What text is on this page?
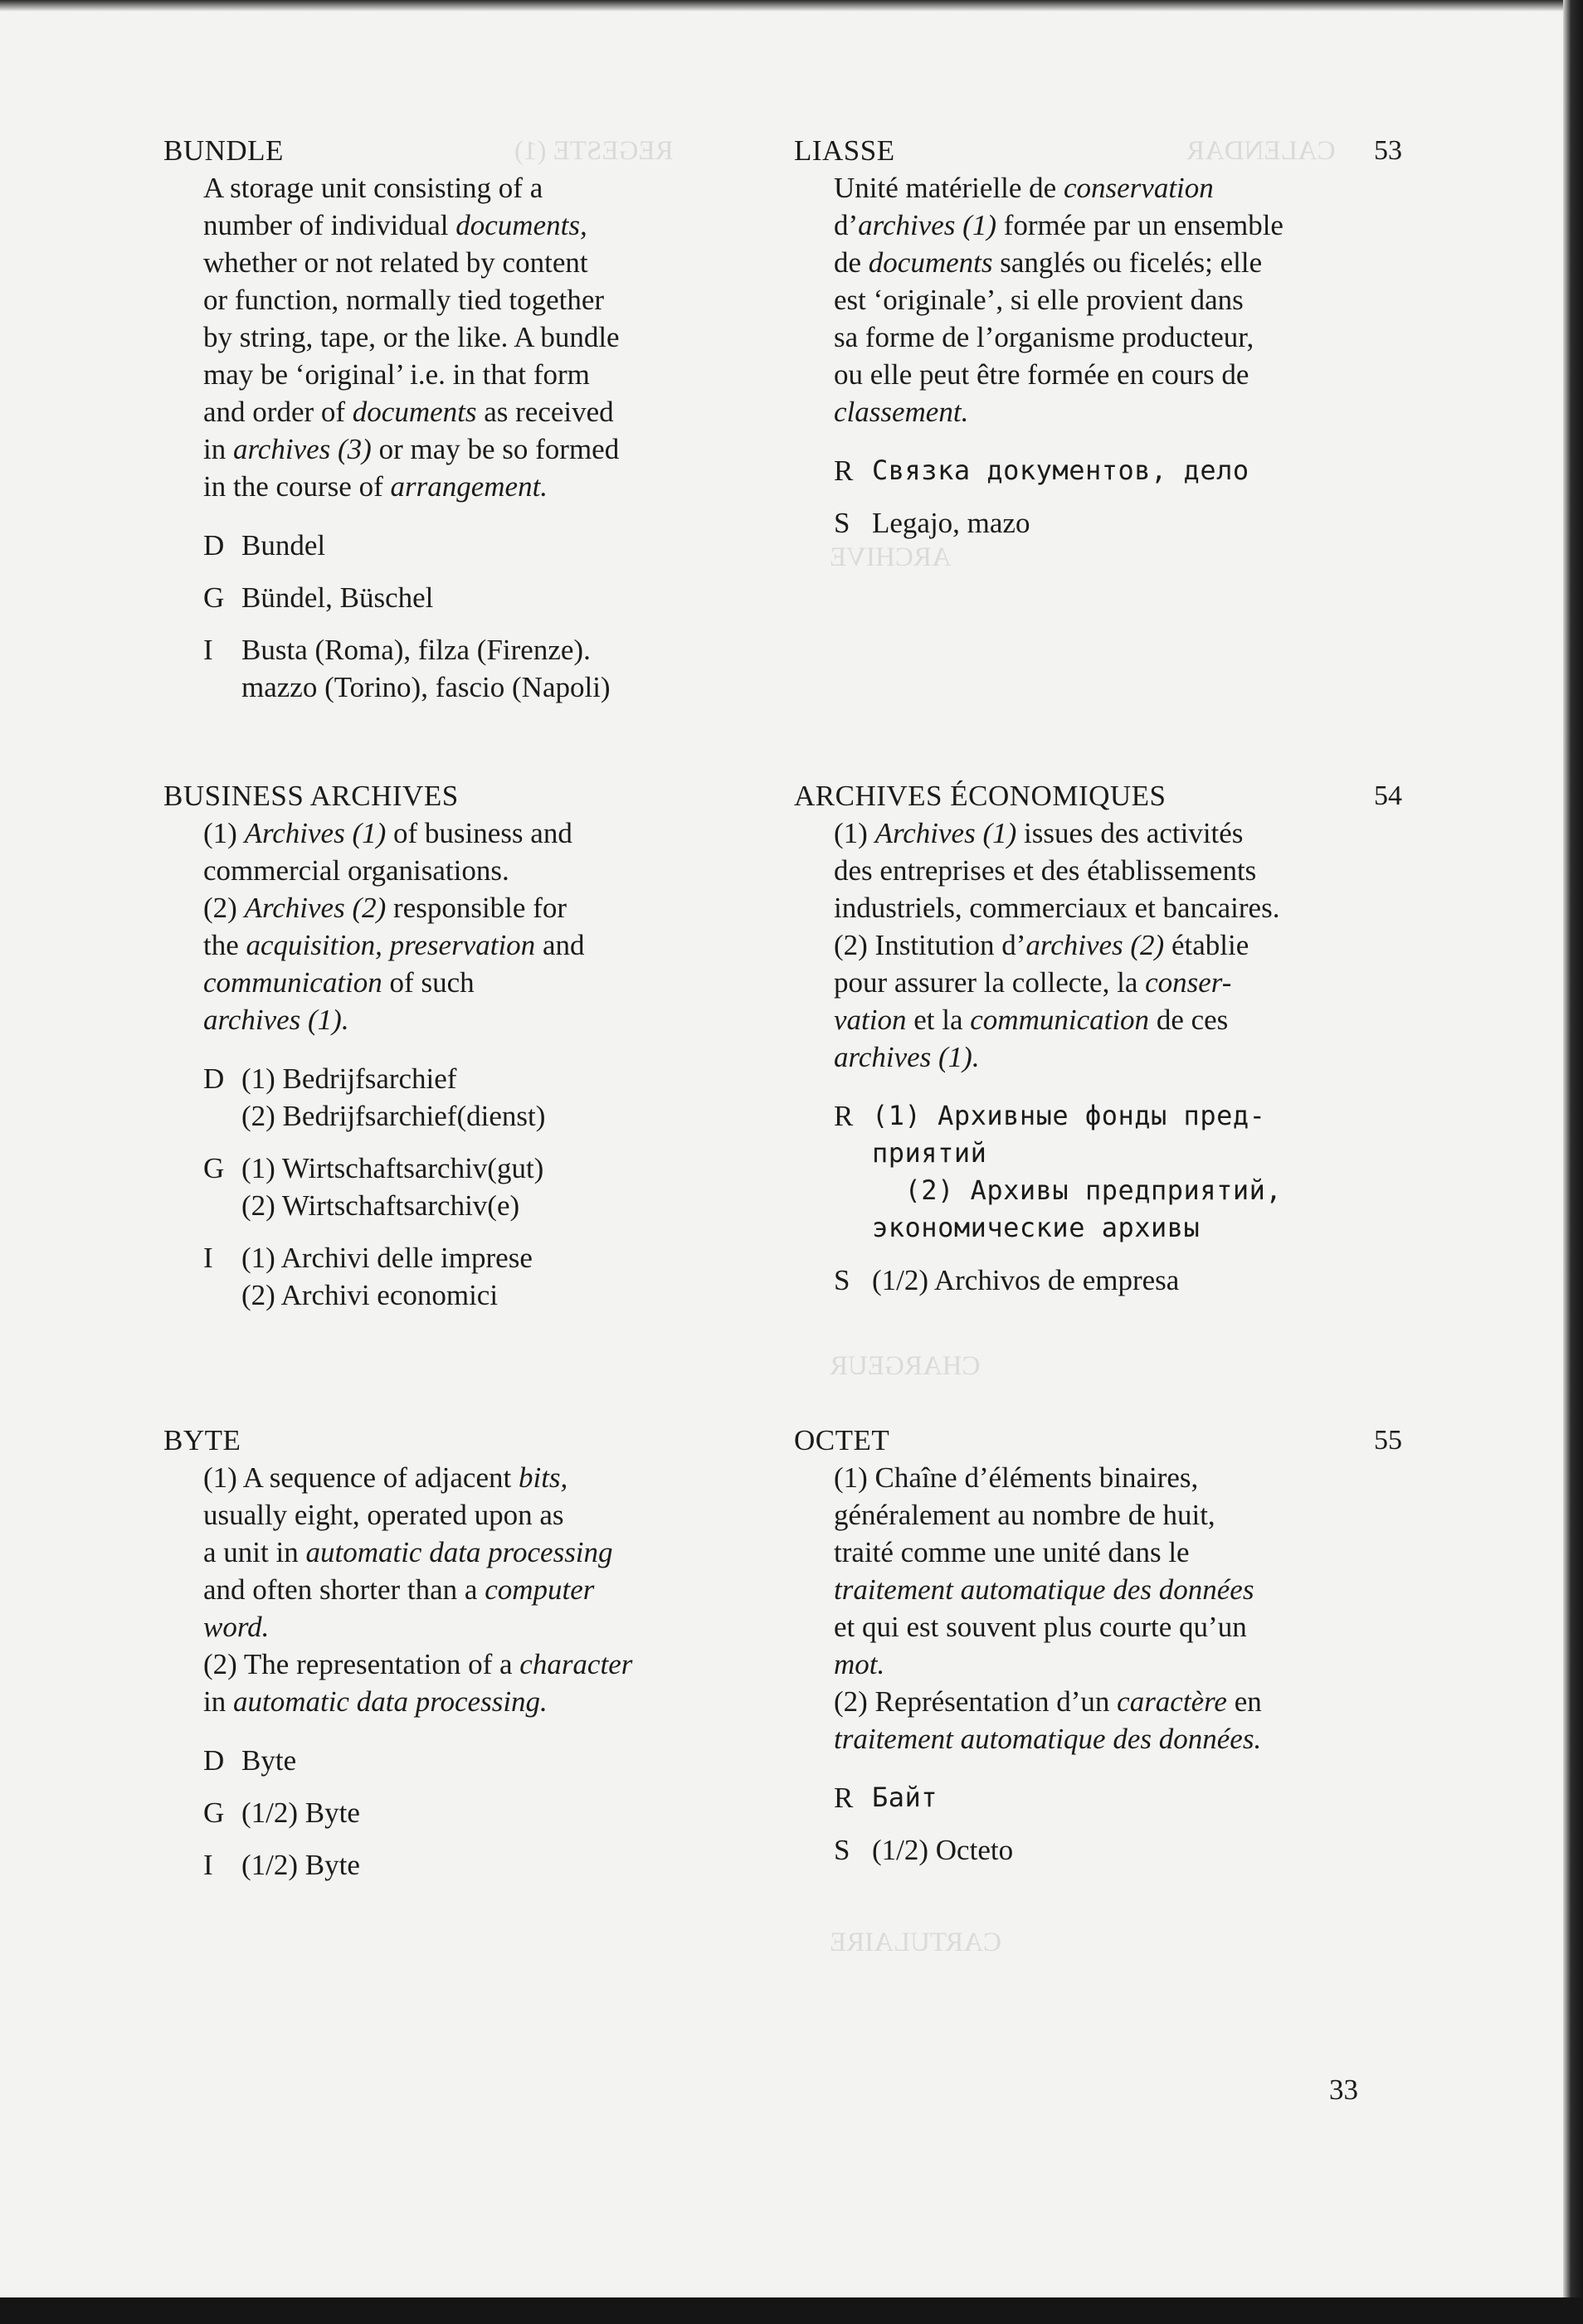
CALENDAR
REGESTE (1)
ARCHIVE
CHARGEUR
CARTULAIRE
BUNDLE

A storage unit consisting of a

number of individual documents,

whether or not related by content

or function, normally tied together

by string, tape, or the like. A bundle

may be ‘original’ i.e. in that form

and order of documents as received

in archives (3) or may be so formed

in the course of arrangement.

D Bundel
G Bündel, Büschel
I Busta (Roma), filza (Firenze).
mazzo (Torino), fascio (Napoli)
BUSINESS ARCHIVES

(1) Archives (1) of business and

commercial organisations.

(2) Archives (2) responsible for

the acquisition, preservation and

communication of such

archives (1).

D (1) Bedrijfsarchief
(2) Bedrijfsarchief(dienst)
G (1) Wirtschaftsarchiv(gut)
(2) Wirtschaftsarchiv(e)
I (1) Archivi delle imprese
(2) Archivi economici
BYTE

(1) A sequence of adjacent bits,

usually eight, operated upon as

a unit in automatic data processing

and often shorter than a computer

word.

(2) The representation of a character

in automatic data processing.

D Byte
G (1/2) Byte
I (1/2) Byte
LIASSE	53

Unité matérielle de conservation

d’archives (1) formée par un ensemble

de documents sanglés ou ficelés; elle

est ‘originale’, si elle provient dans

sa forme de l’organisme producteur,

ou elle peut être formée en cours de

classement.

R Связка документов, дело
S Legajo, mazo
ARCHIVES ÉCONOMIQUES	54

(1) Archives (1) issues des activités

des entreprises et des établissements

industriels, commerciaux et bancaires.

(2) Institution d’archives (2) établie

pour assurer la collecte, la conser-

vation et la communication de ces

archives (1).

R (1) Архивные фонды пред-
приятий
(2) Архивы предприятий,
экономические архивы
S (1/2) Archivos de empresa
OCTET	55

(1) Chaîne d’éléments binaires,

généralement au nombre de huit,

traité comme une unité dans le

traitement automatique des données

et qui est souvent plus courte qu’un

mot.

(2) Représentation d’un caractère en

traitement automatique des données.

R Байт
S (1/2) Octeto
33
